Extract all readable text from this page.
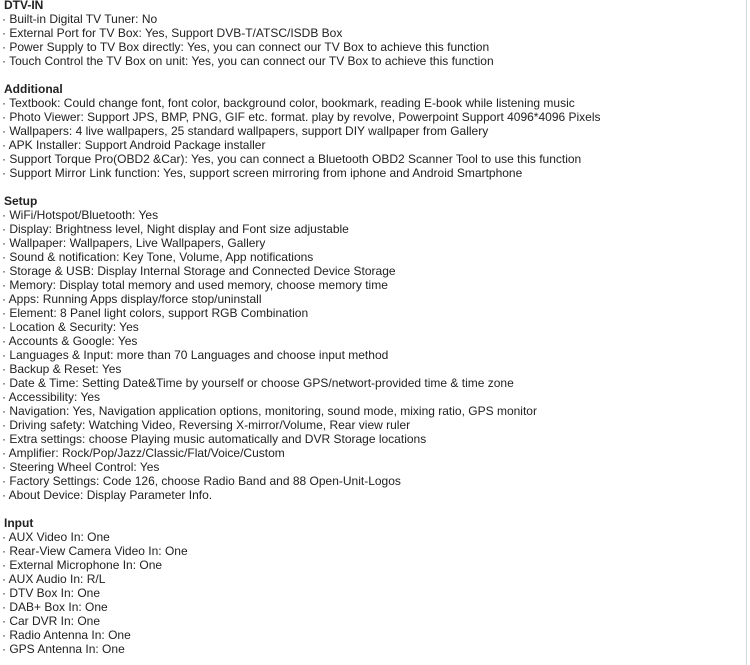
DTV-IN
· Built-in Digital TV Tuner: No
· External Port for TV Box: Yes, Support DVB-T/ATSC/ISDB Box
· Power Supply to TV Box directly: Yes, you can connect our TV Box to achieve this function
· Touch Control the TV Box on unit: Yes, you can connect our TV Box to achieve this function
Additional
· Textbook: Could change font, font color, background color, bookmark, reading E-book while listening music
· Photo Viewer: Support JPS, BMP, PNG, GIF etc. format. play by revolve, Powerpoint Support 4096*4096 Pixels
· Wallpapers: 4 live wallpapers, 25 standard wallpapers, support DIY wallpaper from Gallery
· APK Installer: Support Android Package installer
· Support Torque Pro(OBD2 &Car): Yes, you can connect a Bluetooth OBD2 Scanner Tool to use this function
· Support Mirror Link function: Yes, support screen mirroring from iphone and Android Smartphone
Setup
· WiFi/Hotspot/Bluetooth: Yes
· Display: Brightness level, Night display and Font size adjustable
· Wallpaper: Wallpapers, Live Wallpapers, Gallery
· Sound & notification: Key Tone, Volume, App notifications
· Storage & USB: Display Internal Storage and Connected Device Storage
· Memory: Display total memory and used memory, choose memory time
· Apps: Running Apps display/force stop/uninstall
· Element: 8 Panel light colors, support RGB Combination
· Location & Security: Yes
· Accounts & Google: Yes
· Languages & Input: more than 70 Languages and choose input method
· Backup & Reset: Yes
· Date & Time: Setting Date&Time by yourself or choose GPS/networt-provided time & time zone
· Accessibility: Yes
· Navigation: Yes, Navigation application options, monitoring, sound mode, mixing ratio, GPS monitor
· Driving safety: Watching Video, Reversing X-mirror/Volume, Rear view ruler
· Extra settings: choose Playing music automatically and DVR Storage locations
· Amplifier: Rock/Pop/Jazz/Classic/Flat/Voice/Custom
· Steering Wheel Control: Yes
· Factory Settings: Code 126, choose Radio Band and 88 Open-Unit-Logos
· About Device: Display Parameter Info.
Input
· AUX Video In: One
· Rear-View Camera Video In: One
· External Microphone In: One
· AUX Audio In: R/L
· DTV Box In: One
· DAB+ Box In: One
· Car DVR In: One
· Radio Antenna In: One
· GPS Antenna In: One
